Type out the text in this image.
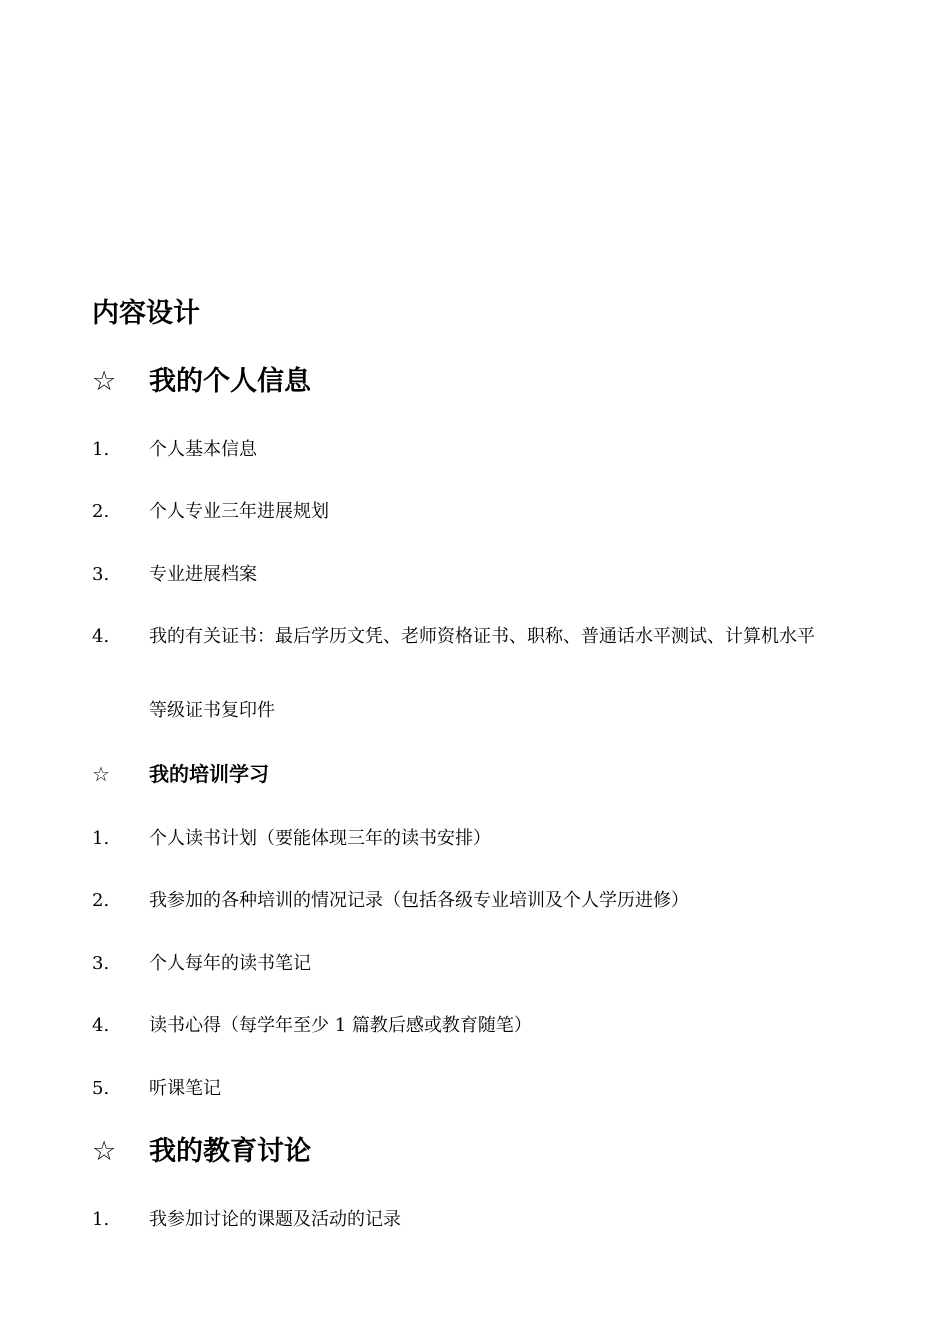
内容设计
☆ 我的个人信息
1. 个人基本信息
2. 个人专业三年进展规划
3. 专业进展档案
4. 我的有关证书：最后学历文凭、老师资格证书、职称、普通话水平测试、计算机水平
等级证书复印件
☆ 我的培训学习
1. 个人读书计划（要能体现三年的读书安排）
2. 我参加的各种培训的情况记录（包括各级专业培训及个人学历进修）
3. 个人每年的读书笔记
4. 读书心得（每学年至少 1 篇教后感或教育随笔）
5. 听课笔记
☆ 我的教育讨论
1. 我参加讨论的课题及活动的记录
